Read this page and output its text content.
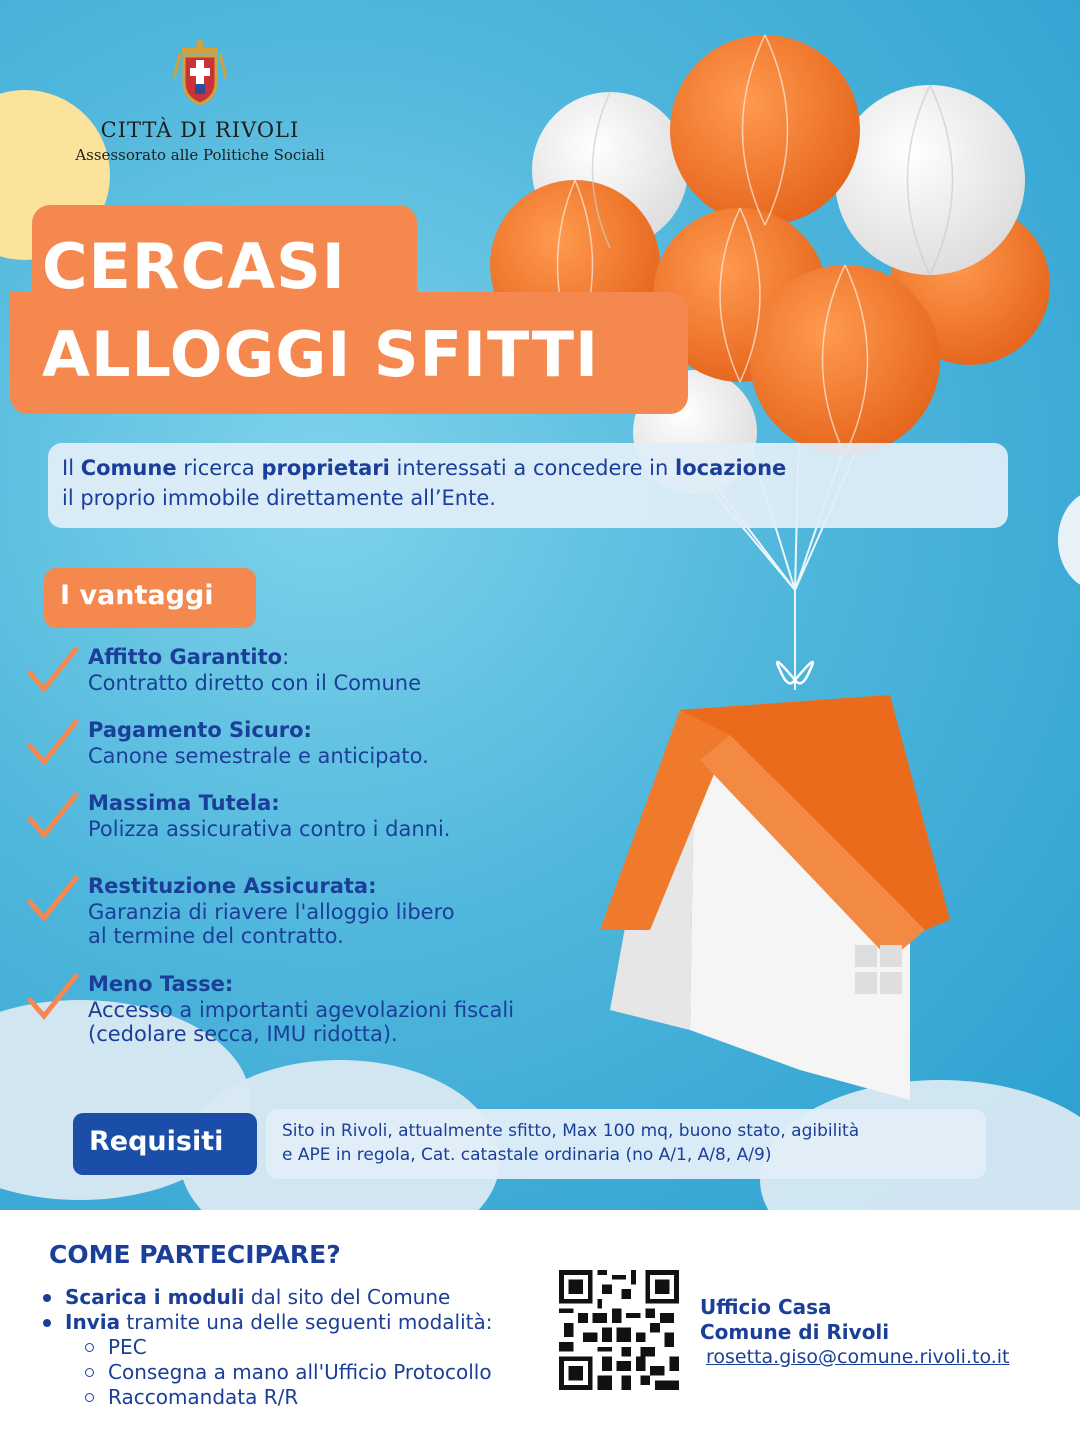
CITTÀ DI RIVOLI
Assessorato alle Politiche Sociali
CERCASI
ALLOGGI SFITTI
Il Comune ricerca proprietari interessati a concedere in locazione
il proprio immobile direttamente all’Ente.
I vantaggi
Affitto Garantito:
Contratto diretto con il Comune
Pagamento Sicuro:
Canone semestrale e anticipato.
Massima Tutela:
Polizza assicurativa contro i danni.
Restituzione Assicurata:
Garanzia di riavere l'alloggio libero
al termine del contratto.
Meno Tasse:
Accesso a importanti agevolazioni fiscali
(cedolare secca, IMU ridotta).
Requisiti	Sito in Rivoli, attualmente sfitto, Max 100 mq, buono stato, agibilità
e APE in regola, Cat. catastale ordinaria (no A/1, A/8, A/9)
COME PARTECIPARE?
Scarica i moduli dal sito del Comune
Invia tramite una delle seguenti modalità:
PEC
Consegna a mano all'Ufficio Protocollo
Raccomandata R/R
Ufficio Casa
Comune di Rivoli
rosetta.giso@comune.rivoli.to.it
